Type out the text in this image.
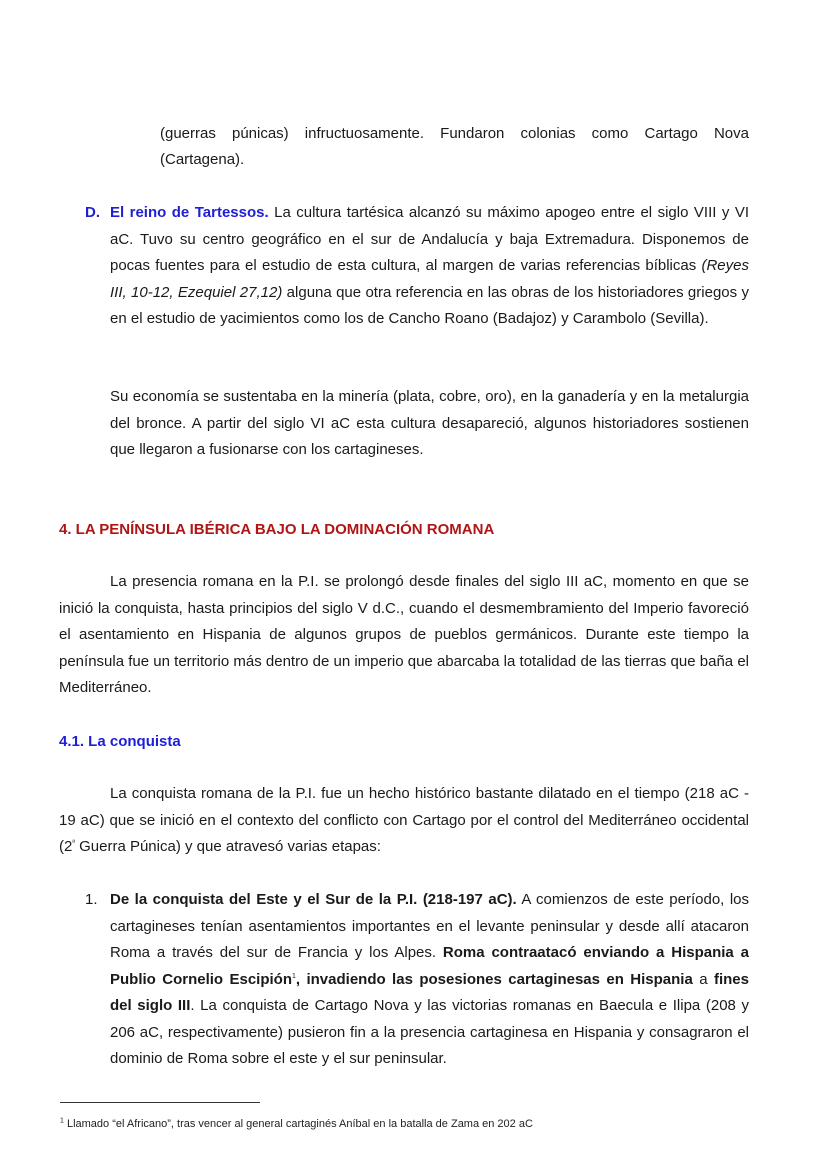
(guerras púnicas) infructuosamente. Fundaron colonias como Cartago Nova

(Cartagena).

D. El reino de Tartessos. La cultura tartésica alcanzó su máximo apogeo entre el siglo VIII y VI aC. Tuvo su centro geográfico en el sur de Andalucía y baja Extremadura. Disponemos de pocas fuentes para el estudio de esta cultura, al margen de varias referencias bíblicas (Reyes III, 10-12, Ezequiel 27,12) alguna que otra referencia en las obras de los historiadores griegos y en el estudio de yacimientos como los de Cancho Roano (Badajoz) y Carambolo (Sevilla).

Su economía se sustentaba en la minería (plata, cobre, oro), en la ganadería y en la metalurgia del bronce. A partir del siglo VI aC esta cultura desapareció, algunos historiadores sostienen que llegaron a fusionarse con los cartagineses.

4. LA PENÍNSULA IBÉRICA BAJO LA DOMINACIÓN ROMANA

La presencia romana en la P.I. se prolongó desde finales del siglo III aC, momento en que se inició la conquista, hasta principios del siglo V d.C., cuando el desmembramiento del Imperio favoreció el asentamiento en Hispania de algunos grupos de pueblos germánicos. Durante este tiempo la península fue un territorio más dentro de un imperio que abarcaba la totalidad de las tierras que baña el Mediterráneo.

4.1. La conquista

La conquista romana de la P.I. fue un hecho histórico bastante dilatado en el tiempo (218 aC - 19 aC) que se inició en el contexto del conflicto con Cartago por el control del Mediterráneo occidental ($2^ª$ Guerra Púnica) y que atravesó varias etapas:

1. De la conquista del Este y el Sur de la P.I. (218-197 aC). A comienzos de este período, los cartagineses tenían asentamientos importantes en el levante peninsular y desde allí atacaron Roma a través del sur de Francia y los Alpes. Roma contraatacó enviando a Hispania a Publio Cornelio Escipión$^1$, invadiendo las posesiones cartaginesas en Hispania a fines del siglo III. La conquista de Cartago Nova y las victorias romanas en Baecula e Ilipa (208 y 206 aC, respectivamente) pusieron fin a la presencia cartaginesa en Hispania y consagraron el dominio de Roma sobre el este y el sur peninsular.

$^1$ Llamado “el Africano”, tras vencer al general cartaginés Aníbal en la batalla de Zama en 202 aC
